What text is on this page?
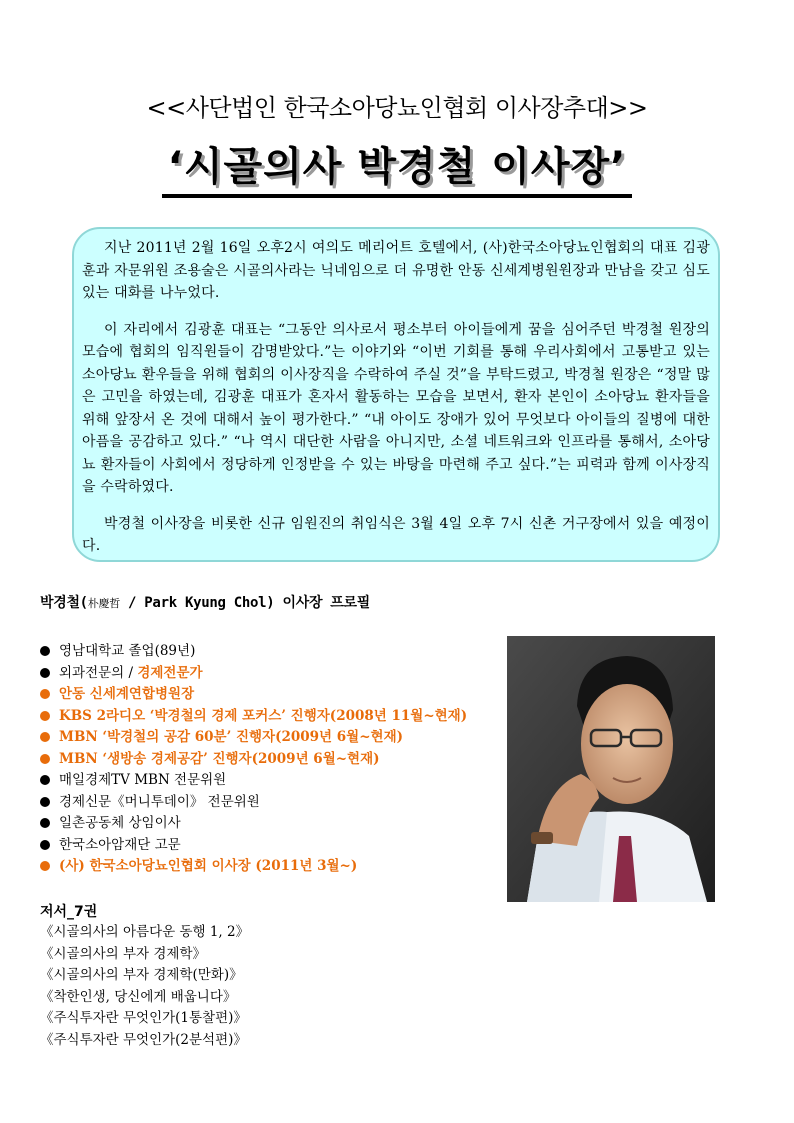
<<사단법인 한국소아당뇨인협회 이사장추대>>
‘시골의사 박경철 이사장’

지난 2011년 2월 16일 오후2시 여의도 메리어트 호텔에서, (사)한국소아당뇨인협회의 대표 김광훈과 자문위원 조용술은 시골의사라는 닉네임으로 더 유명한 안동 신세계병원원장과 만남을 갖고 심도 있는 대화를 나누었다.

이 자리에서 김광훈 대표는 “그동안 의사로서 평소부터 아이들에게 꿈을 심어주던 박경철 원장의 모습에 협회의 임직원들이 감명받았다.”는 이야기와 “이번 기회를 통해 우리사회에서 고통받고 있는 소아당뇨 환우들을 위해 협회의 이사장직을 수락하여 주실 것”을 부탁드렸고, 박경철 원장은 “정말 많은 고민을 하였는데, 김광훈 대표가 혼자서 활동하는 모습을 보면서, 환자 본인이 소아당뇨 환자들을 위해 앞장서 온 것에 대해서 높이 평가한다.” “내 아이도 장애가 있어 무엇보다 아이들의 질병에 대한 아픔을 공감하고 있다.” “나 역시 대단한 사람을 아니지만, 소셜 네트워크와 인프라를 통해서, 소아당뇨 환자들이 사회에서 정당하게 인정받을 수 있는 바탕을 마련해 주고 싶다.”는 피력과 함께 이사장직을 수락하였다.

박경철 이사장을 비롯한 신규 임원진의 취임식은 3월 4일 오후 7시 신촌 거구장에서 있을 예정이다.

박경철(朴慶哲 / Park Kyung Chol) 이사장 프로필
영남대학교 졸업(89년)
외과전문의 / 경제전문가
안동 신세계연합병원장
KBS 2라디오 ‘박경철의 경제 포커스’ 진행자(2008년 11월~현재)
MBN ‘박경철의 공감 60분’ 진행자(2009년 6월~현재)
MBN ‘생방송 경제공감’ 진행자(2009년 6월~현재)
매일경제TV MBN 전문위원
경제신문《머니투데이》 전문위원
일촌공동체 상임이사
한국소아암재단 고문
(사) 한국소아당뇨인협회 이사장 (2011년 3월~)
저서_7권
《시골의사의 아름다운 동행 1, 2》
《시골의사의 부자 경제학》
《시골의사의 부자 경제학(만화)》
《착한인생, 당신에게 배웁니다》
《주식투자란 무엇인가(1통찰편)》
《주식투자란 무엇인가(2분석편)》
